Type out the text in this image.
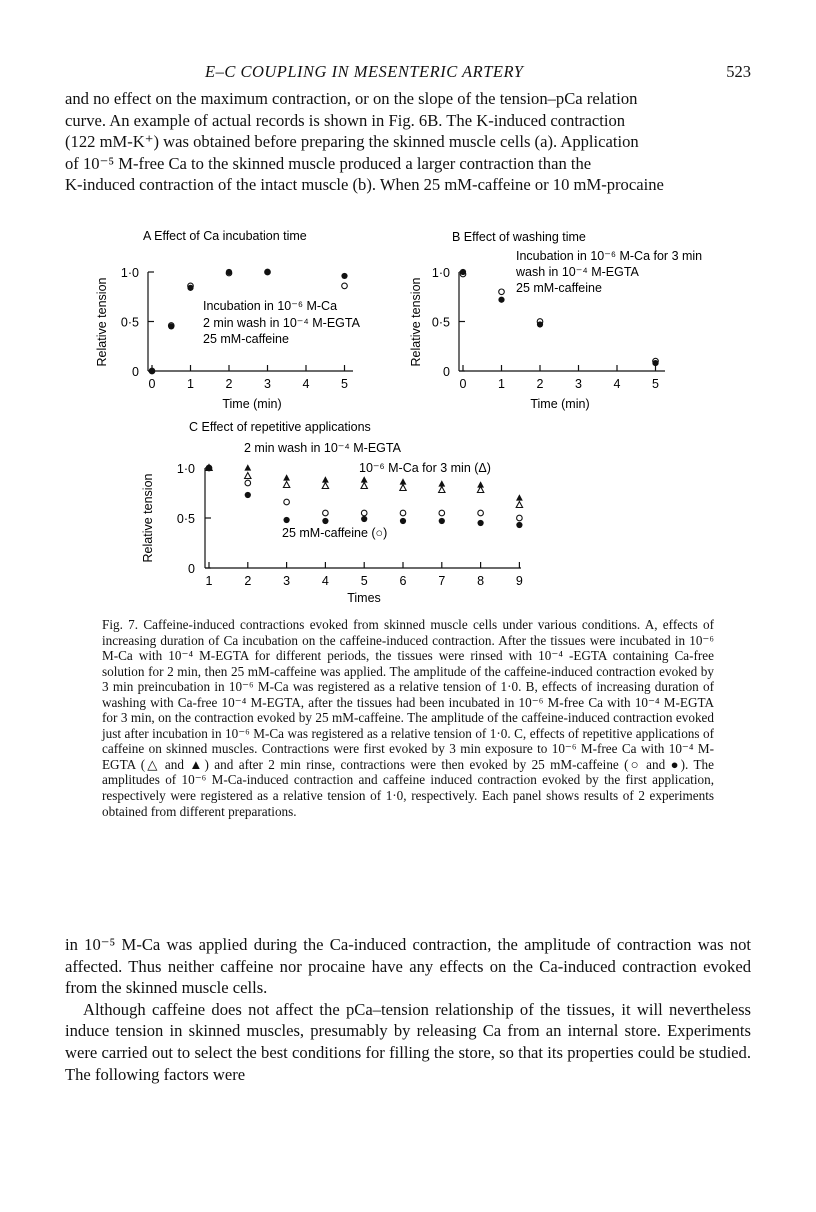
E–C COUPLING IN MESENTERIC ARTERY	523

and no effect on the maximum contraction, or on the slope of the tension–pCa relation

curve. An example of actual records is shown in Fig. 6B. The K-induced contraction

(122 mM-K⁺) was obtained before preparing the skinned muscle cells (a). Application

of 10⁻⁵ M-free Ca to the skinned muscle produced a larger contraction than the

K-induced contraction of the intact muscle (b). When 25 mM-caffeine or 10 mM-procaine

A Effect of Ca incubation time
Incubation in 10⁻⁶ M-Ca
2 min wash in 10⁻⁴ M-EGTA
25 mM-caffeine
Relative tension
Time (min)
0
0·5
1·0
0	1	2	3	4	5
B Effect of washing time
Incubation in 10⁻⁶ M-Ca for 3 min
wash in 10⁻⁴ M-EGTA
25 mM-caffeine
Relative tension
Time (min)
0
0·5
1·0
0	1	2	3	4	5
C Effect of repetitive applications
2 min wash in 10⁻⁴ M-EGTA
10⁻⁶ M-Ca for 3 min (Δ)
25 mM-caffeine (○)
Relative tension
Times
0
0·5
1·0
1	2	3	4	5	6	7	8	9
Fig. 7. Caffeine-induced contractions evoked from skinned muscle cells under various conditions. A, effects of increasing duration of Ca incubation on the caffeine-induced contraction. After the tissues were incubated in 10⁻⁶ M-Ca with 10⁻⁴ M-EGTA for different periods, the tissues were rinsed with 10⁻⁴ -EGTA containing Ca-free solution for 2 min, then 25 mM-caffeine was applied. The amplitude of the caffeine-induced contraction evoked by 3 min preincubation in 10⁻⁶ M-Ca was registered as a relative tension of 1·0. B, effects of increasing duration of washing with Ca-free 10⁻⁴ M-EGTA, after the tissues had been incubated in 10⁻⁶ M-free Ca with 10⁻⁴ M-EGTA for 3 min, on the contraction evoked by 25 mM-caffeine. The amplitude of the caffeine-induced contraction evoked just after incubation in 10⁻⁶ M-Ca was registered as a relative tension of 1·0. C, effects of repetitive applications of caffeine on skinned muscles. Contractions were first evoked by 3 min exposure to 10⁻⁶ M-free Ca with 10⁻⁴ M-EGTA (△ and ▲) and after 2 min rinse, contractions were then evoked by 25 mM-caffeine (○ and ●). The amplitudes of 10⁻⁶ M-Ca-induced contraction and caffeine induced contraction evoked by the first application, respectively were registered as a relative tension of 1·0, respectively. Each panel shows results of 2 experiments obtained from different preparations.

in 10⁻⁵ M-Ca was applied during the Ca-induced contraction, the amplitude of contraction was not affected. Thus neither caffeine nor procaine have any effects on the Ca-induced contraction evoked from the skinned muscle cells.

Although caffeine does not affect the pCa–tension relationship of the tissues, it will nevertheless induce tension in skinned muscles, presumably by releasing Ca from an internal store. Experiments were carried out to select the best conditions for filling the store, so that its properties could be studied. The following factors were
